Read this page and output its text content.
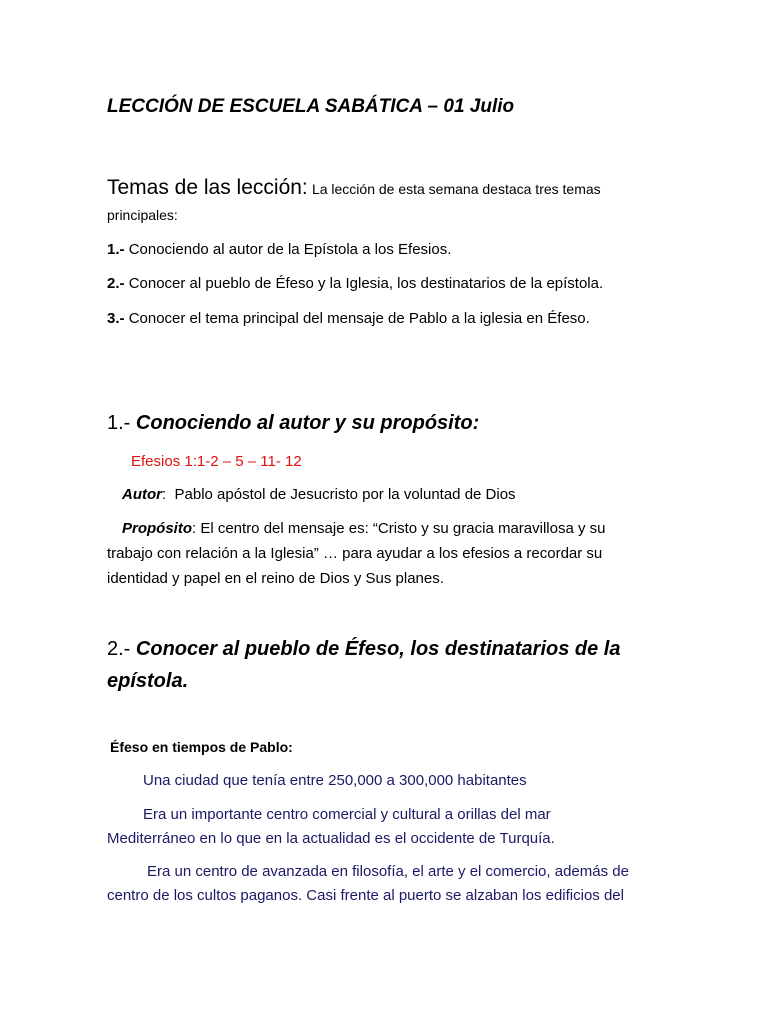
LECCIÓN DE ESCUELA SABÁTICA – 01 Julio
Temas de las lección: La lección de esta semana destaca tres temas
principales:
1.- Conociendo al autor de la Epístola a los Efesios.
2.- Conocer al pueblo de Éfeso y la Iglesia, los destinatarios de la epístola.
3.- Conocer el tema principal del mensaje de Pablo a la iglesia en Éfeso.
1.- Conociendo al autor y su propósito:
Efesios 1:1-2 – 5 – 11- 12
Autor:  Pablo apóstol de Jesucristo por la voluntad de Dios
Propósito: El centro del mensaje es: “Cristo y su gracia maravillosa y su
trabajo con relación a la Iglesia” … para ayudar a los efesios a recordar su
identidad y papel en el reino de Dios y Sus planes.
2.- Conocer al pueblo de Éfeso, los destinatarios de la
epístola.
Éfeso en tiempos de Pablo:
Una ciudad que tenía entre 250,000 a 300,000 habitantes
Era un importante centro comercial y cultural a orillas del mar
Mediterráneo en lo que en la actualidad es el occidente de Turquía.
Era un centro de avanzada en filosofía, el arte y el comercio, además de
centro de los cultos paganos. Casi frente al puerto se alzaban los edificios del
